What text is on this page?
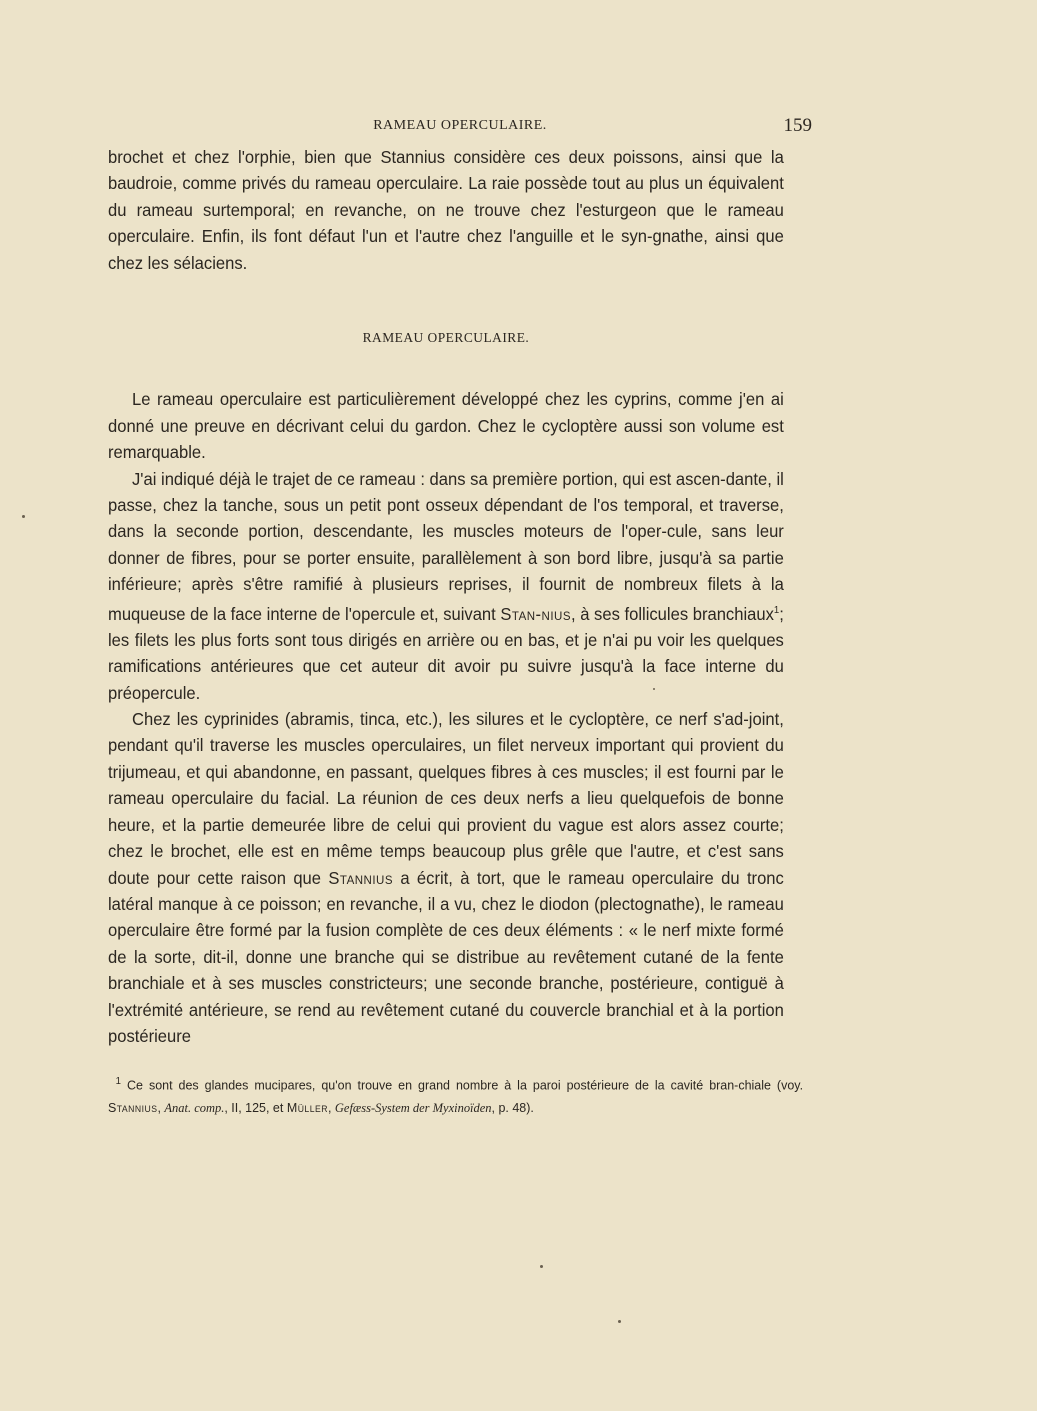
RAMEAU OPERCULAIRE.	159

brochet et chez l'orphie, bien que Stannius considère ces deux poissons, ainsi que la baudroie, comme privés du rameau operculaire. La raie possède tout au plus un équivalent du rameau surtemporal; en revanche, on ne trouve chez l'esturgeon que le rameau operculaire. Enfin, ils font défaut l'un et l'autre chez l'anguille et le syn-gnathe, ainsi que chez les sélaciens.

RAMEAU OPERCULAIRE.

Le rameau operculaire est particulièrement développé chez les cyprins, comme j'en ai donné une preuve en décrivant celui du gardon. Chez le cycloptère aussi son volume est remarquable.

J'ai indiqué déjà le trajet de ce rameau : dans sa première portion, qui est ascen-dante, il passe, chez la tanche, sous un petit pont osseux dépendant de l'os temporal, et traverse, dans la seconde portion, descendante, les muscles moteurs de l'oper-cule, sans leur donner de fibres, pour se porter ensuite, parallèlement à son bord libre, jusqu'à sa partie inférieure; après s'être ramifié à plusieurs reprises, il fournit de nombreux filets à la muqueuse de la face interne de l'opercule et, suivant Stan-nius, à ses follicules branchiaux$^1$; les filets les plus forts sont tous dirigés en arrière ou en bas, et je n'ai pu voir les quelques ramifications antérieures que cet auteur dit avoir pu suivre jusqu'à la face interne du préopercule.

Chez les cyprinides (abramis, tinca, etc.), les silures et le cycloptère, ce nerf s'ad-joint, pendant qu'il traverse les muscles operculaires, un filet nerveux important qui provient du trijumeau, et qui abandonne, en passant, quelques fibres à ces muscles; il est fourni par le rameau operculaire du facial. La réunion de ces deux nerfs a lieu quelquefois de bonne heure, et la partie demeurée libre de celui qui provient du vague est alors assez courte; chez le brochet, elle est en même temps beaucoup plus grêle que l'autre, et c'est sans doute pour cette raison que Stannius a écrit, à tort, que le rameau operculaire du tronc latéral manque à ce poisson; en revanche, il a vu, chez le diodon (plectognathe), le rameau operculaire être formé par la fusion complète de ces deux éléments : « le nerf mixte formé de la sorte, dit-il, donne une branche qui se distribue au revêtement cutané de la fente branchiale et à ses muscles constricteurs; une seconde branche, postérieure, contiguë à l'extrémité antérieure, se rend au revêtement cutané du couvercle branchial et à la portion postérieure

$^1$ Ce sont des glandes mucipares, qu'on trouve en grand nombre à la paroi postérieure de la cavité bran-chiale (voy. Stannius, Anat. comp., II, 125, et Müller, Gefæss-System der Myxinoïden, p. 48).
